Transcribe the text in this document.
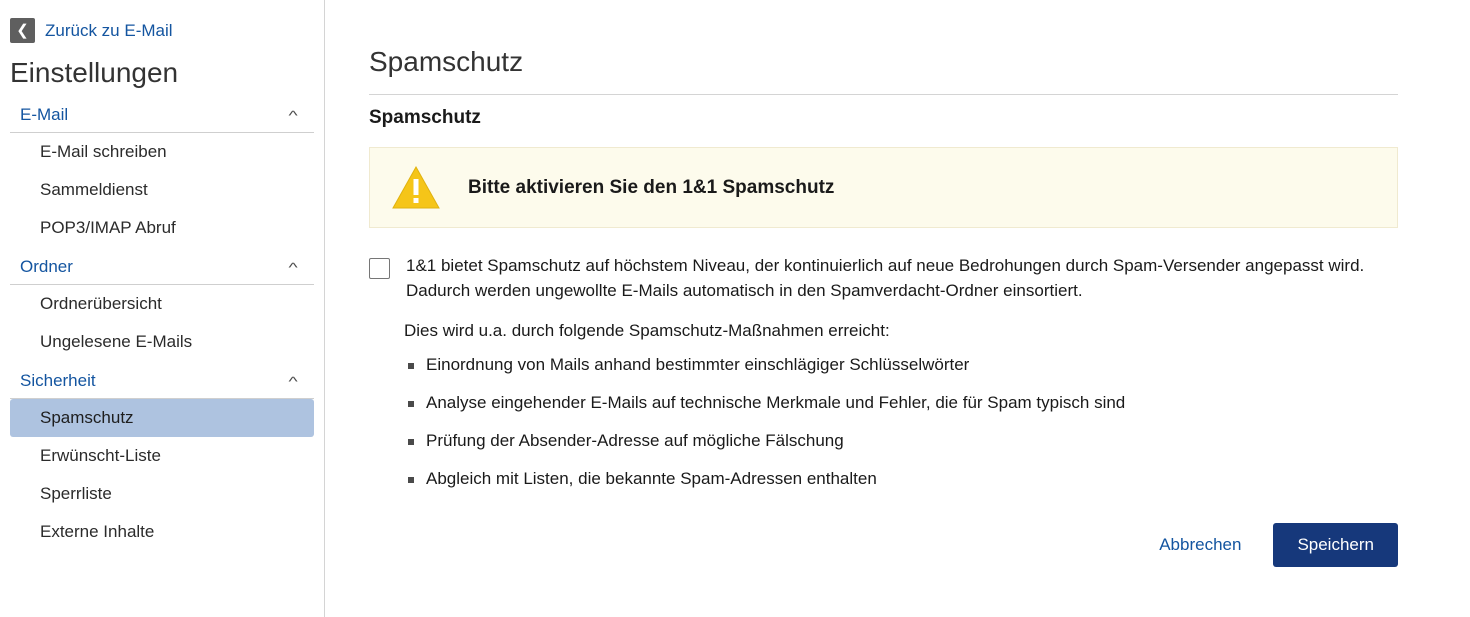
❮ Zurück zu E-Mail
Einstellungen
E-Mail	^
E-Mail schreiben
Sammeldienst
POP3/IMAP Abruf
Ordner	^
Ordnerübersicht
Ungelesene E-Mails
Sicherheit	^
Spamschutz
Erwünscht-Liste
Sperrliste
Externe Inhalte
Spamschutz
Spamschutz
Bitte aktivieren Sie den 1&1 Spamschutz
1&1 bietet Spamschutz auf höchstem Niveau, der kontinuierlich auf neue Bedrohungen durch Spam-Versender angepasst wird. Dadurch werden ungewollte E-Mails automatisch in den Spamverdacht-Ordner einsortiert.

Dies wird u.a. durch folgende Spamschutz-Maßnahmen erreicht:

Einordnung von Mails anhand bestimmter einschlägiger Schlüsselwörter
Analyse eingehender E-Mails auf technische Merkmale und Fehler, die für Spam typisch sind
Prüfung der Absender-Adresse auf mögliche Fälschung
Abgleich mit Listen, die bekannte Spam-Adressen enthalten
Abbrechen	Speichern
